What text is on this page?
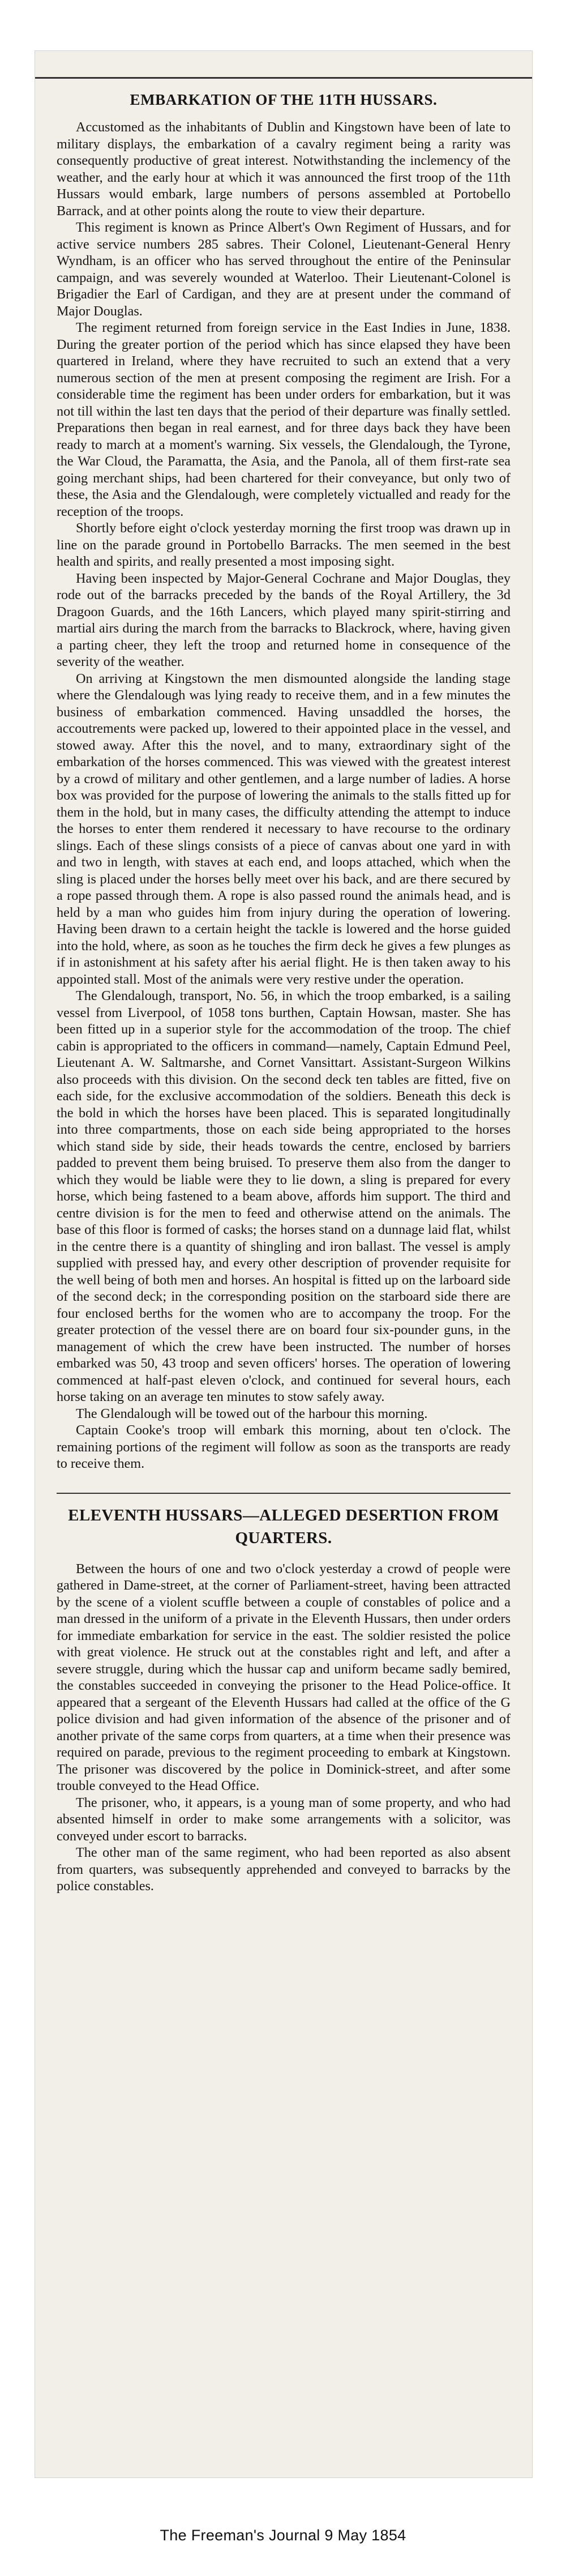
EMBARKATION OF THE 11TH HUSSARS.

Accustomed as the inhabitants of Dublin and Kingstown have been of late to military displays, the embarkation of a cavalry regiment being a rarity was consequently productive of great interest. Notwithstanding the inclemency of the weather, and the early hour at which it was announced the first troop of the 11th Hussars would embark, large numbers of persons assembled at Portobello Barrack, and at other points along the route to view their departure.

This regiment is known as Prince Albert's Own Regiment of Hussars, and for active service numbers 285 sabres. Their Colonel, Lieutenant-General Henry Wyndham, is an officer who has served throughout the entire of the Peninsular campaign, and was severely wounded at Waterloo. Their Lieutenant-Colonel is Brigadier the Earl of Cardigan, and they are at present under the command of Major Douglas.

The regiment returned from foreign service in the East Indies in June, 1838. During the greater portion of the period which has since elapsed they have been quartered in Ireland, where they have recruited to such an extend that a very numerous section of the men at present composing the regiment are Irish. For a considerable time the regiment has been under orders for embarkation, but it was not till within the last ten days that the period of their departure was finally settled. Preparations then began in real earnest, and for three days back they have been ready to march at a moment's warning. Six vessels, the Glendalough, the Tyrone, the War Cloud, the Paramatta, the Asia, and the Panola, all of them first-rate sea going merchant ships, had been chartered for their conveyance, but only two of these, the Asia and the Glendalough, were completely victualled and ready for the reception of the troops.

Shortly before eight o'clock yesterday morning the first troop was drawn up in line on the parade ground in Portobello Barracks. The men seemed in the best health and spirits, and really presented a most imposing sight.

Having been inspected by Major-General Cochrane and Major Douglas, they rode out of the barracks preceded by the bands of the Royal Artillery, the 3d Dragoon Guards, and the 16th Lancers, which played many spirit-stirring and martial airs during the march from the barracks to Blackrock, where, having given a parting cheer, they left the troop and returned home in consequence of the severity of the weather.

On arriving at Kingstown the men dismounted alongside the landing stage where the Glendalough was lying ready to receive them, and in a few minutes the business of embarkation commenced. Having unsaddled the horses, the accoutrements were packed up, lowered to their appointed place in the vessel, and stowed away. After this the novel, and to many, extraordinary sight of the embarkation of the horses commenced. This was viewed with the greatest interest by a crowd of military and other gentlemen, and a large number of ladies. A horse box was provided for the purpose of lowering the animals to the stalls fitted up for them in the hold, but in many cases, the difficulty attending the attempt to induce the horses to enter them rendered it necessary to have recourse to the ordinary slings. Each of these slings consists of a piece of canvas about one yard in with and two in length, with staves at each end, and loops attached, which when the sling is placed under the horses belly meet over his back, and are there secured by a rope passed through them. A rope is also passed round the animals head, and is held by a man who guides him from injury during the operation of lowering. Having been drawn to a certain height the tackle is lowered and the horse guided into the hold, where, as soon as he touches the firm deck he gives a few plunges as if in astonishment at his safety after his aerial flight. He is then taken away to his appointed stall. Most of the animals were very restive under the operation.

The Glendalough, transport, No. 56, in which the troop embarked, is a sailing vessel from Liverpool, of 1058 tons burthen, Captain Howsan, master. She has been fitted up in a superior style for the accommodation of the troop. The chief cabin is appropriated to the officers in command—namely, Captain Edmund Peel, Lieutenant A. W. Saltmarshe, and Cornet Vansittart. Assistant-Surgeon Wilkins also proceeds with this division. On the second deck ten tables are fitted, five on each side, for the exclusive accommodation of the soldiers. Beneath this deck is the bold in which the horses have been placed. This is separated longitudinally into three compartments, those on each side being appropriated to the horses which stand side by side, their heads towards the centre, enclosed by barriers padded to prevent them being bruised. To preserve them also from the danger to which they would be liable were they to lie down, a sling is prepared for every horse, which being fastened to a beam above, affords him support. The third and centre division is for the men to feed and otherwise attend on the animals. The base of this floor is formed of casks; the horses stand on a dunnage laid flat, whilst in the centre there is a quantity of shingling and iron ballast. The vessel is amply supplied with pressed hay, and every other description of provender requisite for the well being of both men and horses. An hospital is fitted up on the larboard side of the second deck; in the corresponding position on the starboard side there are four enclosed berths for the women who are to accompany the troop. For the greater protection of the vessel there are on board four six-pounder guns, in the management of which the crew have been instructed. The number of horses embarked was 50, 43 troop and seven officers' horses. The operation of lowering commenced at half-past eleven o'clock, and continued for several hours, each horse taking on an average ten minutes to stow safely away.

The Glendalough will be towed out of the harbour this morning.

Captain Cooke's troop will embark this morning, about ten o'clock. The remaining portions of the regiment will follow as soon as the transports are ready to receive them.

ELEVENTH HUSSARS—ALLEGED DESERTION FROM QUARTERS.

Between the hours of one and two o'clock yesterday a crowd of people were gathered in Dame-street, at the corner of Parliament-street, having been attracted by the scene of a violent scuffle between a couple of constables of police and a man dressed in the uniform of a private in the Eleventh Hussars, then under orders for immediate embarkation for service in the east. The soldier resisted the police with great violence. He struck out at the constables right and left, and after a severe struggle, during which the hussar cap and uniform became sadly bemired, the constables succeeded in conveying the prisoner to the Head Police-office. It appeared that a sergeant of the Eleventh Hussars had called at the office of the G police division and had given information of the absence of the prisoner and of another private of the same corps from quarters, at a time when their presence was required on parade, previous to the regiment proceeding to embark at Kingstown. The prisoner was discovered by the police in Dominick-street, and after some trouble conveyed to the Head Office.

The prisoner, who, it appears, is a young man of some property, and who had absented himself in order to make some arrangements with a solicitor, was conveyed under escort to barracks.

The other man of the same regiment, who had been reported as also absent from quarters, was subsequently apprehended and conveyed to barracks by the police constables.

The Freeman's Journal 9 May 1854
